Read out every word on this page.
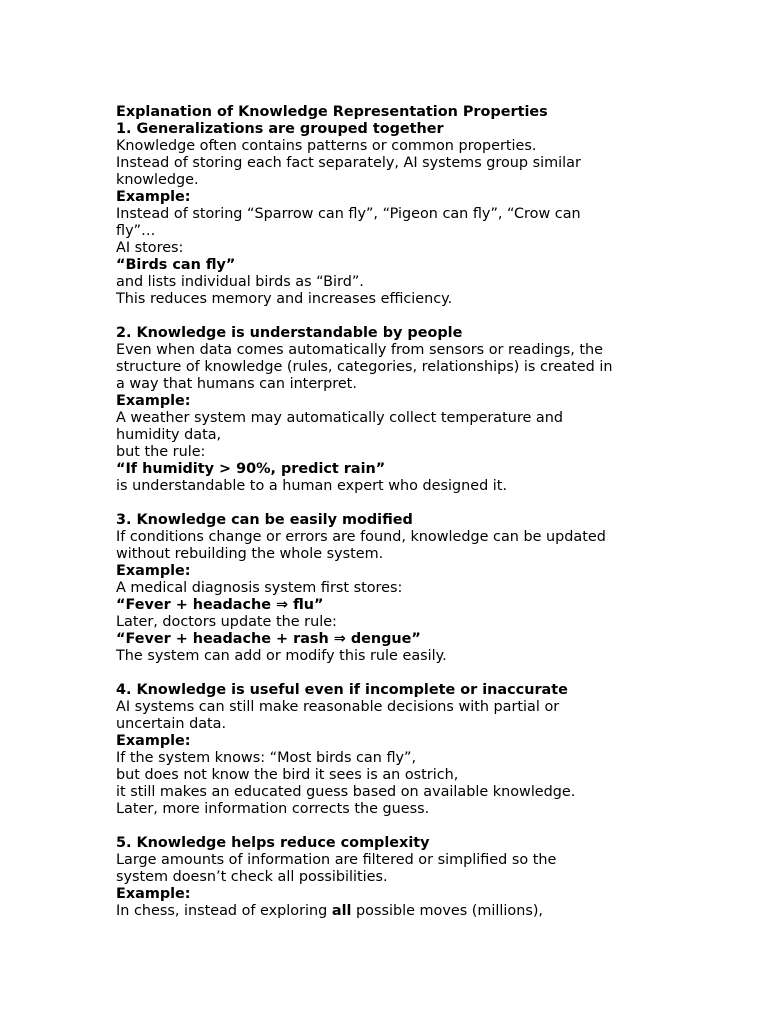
Explanation of Knowledge Representation Properties
1. Generalizations are grouped together
Knowledge often contains patterns or common properties.
Instead of storing each fact separately, AI systems group similar
knowledge.
Example:
Instead of storing “Sparrow can fly”, “Pigeon can fly”, “Crow can
fly”…
AI stores:
“Birds can fly”
and lists individual birds as “Bird”.
This reduces memory and increases efficiency.
2. Knowledge is understandable by people
Even when data comes automatically from sensors or readings, the
structure of knowledge (rules, categories, relationships) is created in
a way that humans can interpret.
Example:
A weather system may automatically collect temperature and
humidity data,
but the rule:
“If humidity > 90%, predict rain”
is understandable to a human expert who designed it.
3. Knowledge can be easily modified
If conditions change or errors are found, knowledge can be updated
without rebuilding the whole system.
Example:
A medical diagnosis system first stores:
“Fever + headache ⇒ flu”
Later, doctors update the rule:
“Fever + headache + rash ⇒ dengue”
The system can add or modify this rule easily.
4. Knowledge is useful even if incomplete or inaccurate
AI systems can still make reasonable decisions with partial or
uncertain data.
Example:
If the system knows: “Most birds can fly”,
but does not know the bird it sees is an ostrich,
it still makes an educated guess based on available knowledge.
Later, more information corrects the guess.
5. Knowledge helps reduce complexity
Large amounts of information are filtered or simplified so the
system doesn’t check all possibilities.
Example:
In chess, instead of exploring all possible moves (millions),
